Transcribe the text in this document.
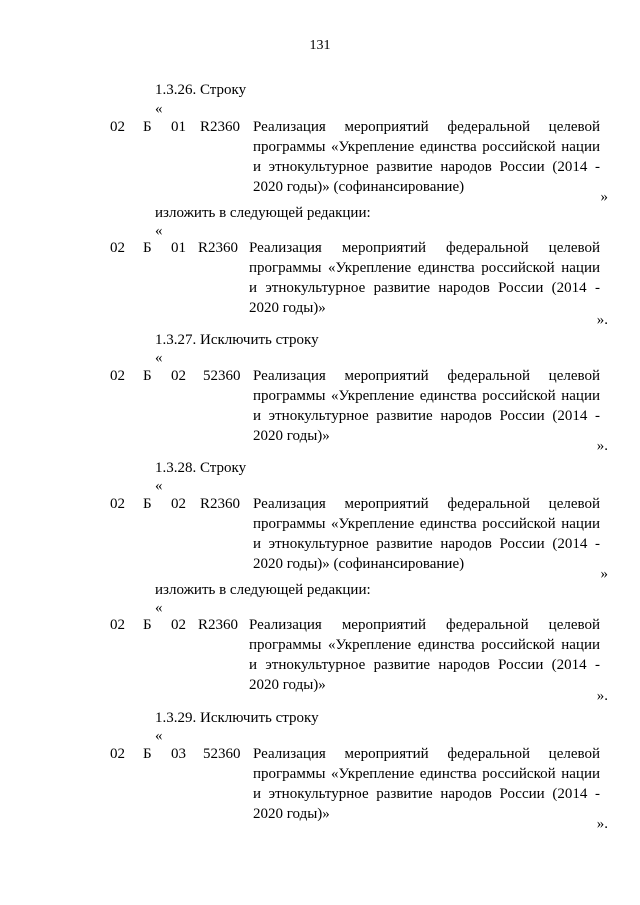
131
1.3.26. Строку
«
02 Б 01 R2360 Реализация мероприятий федеральной целевой
программы «Укрепление единства российской нации и этнокультурное развитие народов России (2014 - 2020 годы)» (софинансирование)
»
изложить в следующей редакции:
«
02 Б 01 R2360 Реализация мероприятий федеральной целевой
программы «Укрепление единства российской нации и этнокультурное развитие народов России (2014 - 2020 годы)»
».
1.3.27. Исключить строку
«
02 Б 02 52360 Реализация мероприятий федеральной целевой
программы «Укрепление единства российской нации и этнокультурное развитие народов России (2014 - 2020 годы)»
».
1.3.28. Строку
«
02 Б 02 R2360 Реализация мероприятий федеральной целевой
программы «Укрепление единства российской нации и этнокультурное развитие народов России (2014 - 2020 годы)» (софинансирование)
»
изложить в следующей редакции:
«
02 Б 02 R2360 Реализация мероприятий федеральной целевой
программы «Укрепление единства российской нации и этнокультурное развитие народов России (2014 - 2020 годы)»
».
1.3.29. Исключить строку
«
02 Б 03 52360 Реализация мероприятий федеральной целевой
программы «Укрепление единства российской нации и этнокультурное развитие народов России (2014 - 2020 годы)»
».
